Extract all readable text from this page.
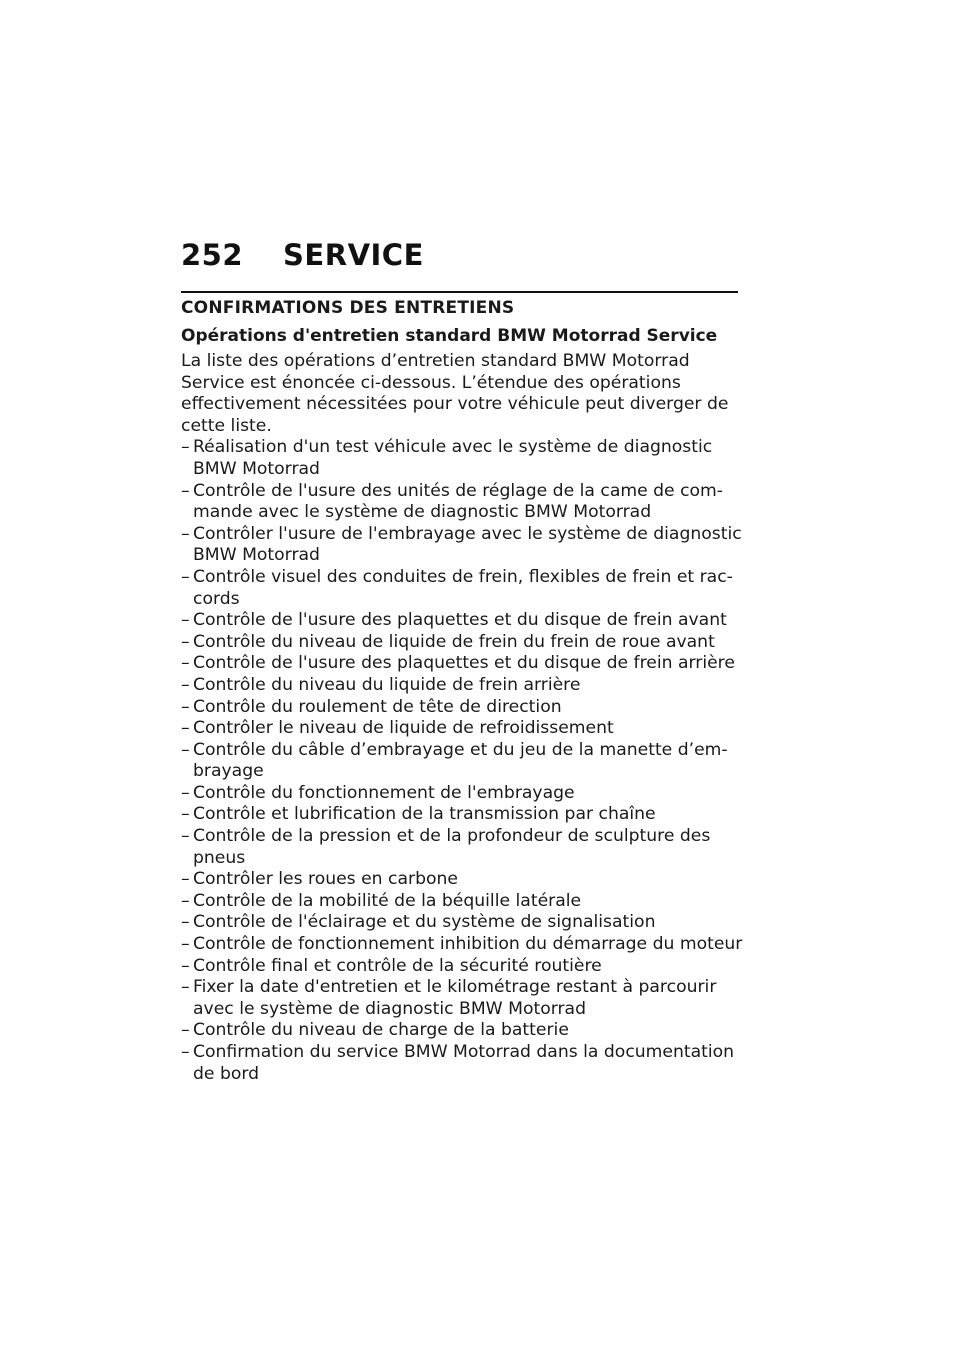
252 SERVICE
CONFIRMATIONS DES ENTRETIENS
Opérations d'entretien standard BMW Motorrad Service

La liste des opérations d’entretien standard BMW Motorrad
Service est énoncée ci-dessous. L’étendue des opérations
effectivement nécessitées pour votre véhicule peut diverger de
cette liste.

– Réalisation d'un test véhicule avec le système de diagnostic
BMW Motorrad
– Contrôle de l'usure des unités de réglage de la came de com-
mande avec le système de diagnostic BMW Motorrad
– Contrôler l'usure de l'embrayage avec le système de diagnostic
BMW Motorrad
– Contrôle visuel des conduites de frein, flexibles de frein et rac-
cords
– Contrôle de l'usure des plaquettes et du disque de frein avant
– Contrôle du niveau de liquide de frein du frein de roue avant
– Contrôle de l'usure des plaquettes et du disque de frein arrière
– Contrôle du niveau du liquide de frein arrière
– Contrôle du roulement de tête de direction
– Contrôler le niveau de liquide de refroidissement
– Contrôle du câble d’embrayage et du jeu de la manette d’em-
brayage
– Contrôle du fonctionnement de l'embrayage
– Contrôle et lubrification de la transmission par chaîne
– Contrôle de la pression et de la profondeur de sculpture des
pneus
– Contrôler les roues en carbone
– Contrôle de la mobilité de la béquille latérale
– Contrôle de l'éclairage et du système de signalisation
– Contrôle de fonctionnement inhibition du démarrage du moteur
– Contrôle final et contrôle de la sécurité routière
– Fixer la date d'entretien et le kilométrage restant à parcourir
avec le système de diagnostic BMW Motorrad
– Contrôle du niveau de charge de la batterie
– Confirmation du service BMW Motorrad dans la documentation
de bord
